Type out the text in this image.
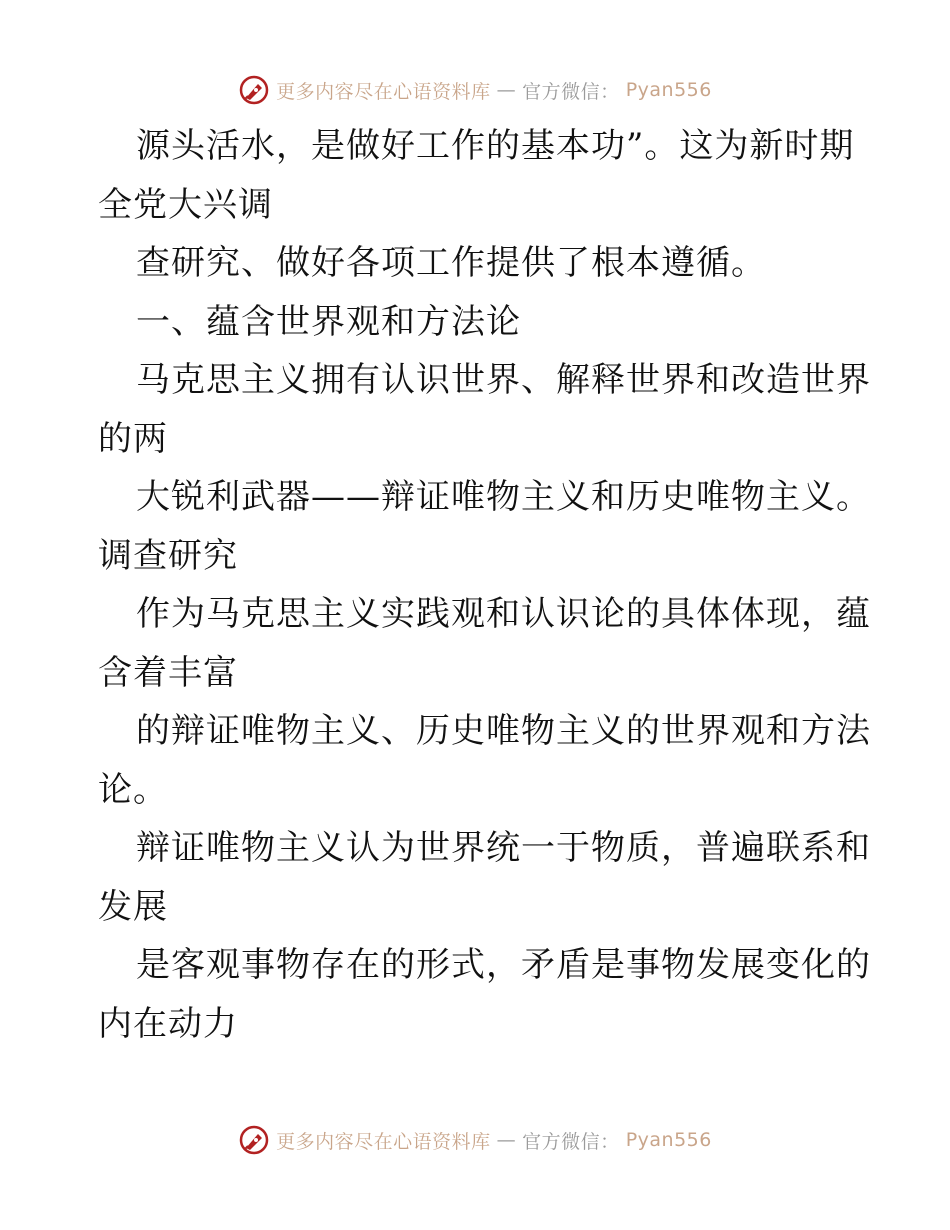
更多内容尽在心语资料库 — 官方微信： Pyan556
源头活水，是做好工作的基本功”。这为新时期
全党大兴调
查研究、做好各项工作提供了根本遵循。
一、蕴含世界观和方法论
马克思主义拥有认识世界、解释世界和改造世界
的两
大锐利武器——辩证唯物主义和历史唯物主义。
调查研究
作为马克思主义实践观和认识论的具体体现，蕴
含着丰富
的辩证唯物主义、历史唯物主义的世界观和方法
论。
辩证唯物主义认为世界统一于物质，普遍联系和
发展
是客观事物存在的形式，矛盾是事物发展变化的
内在动力
更多内容尽在心语资料库 — 官方微信： Pyan556
